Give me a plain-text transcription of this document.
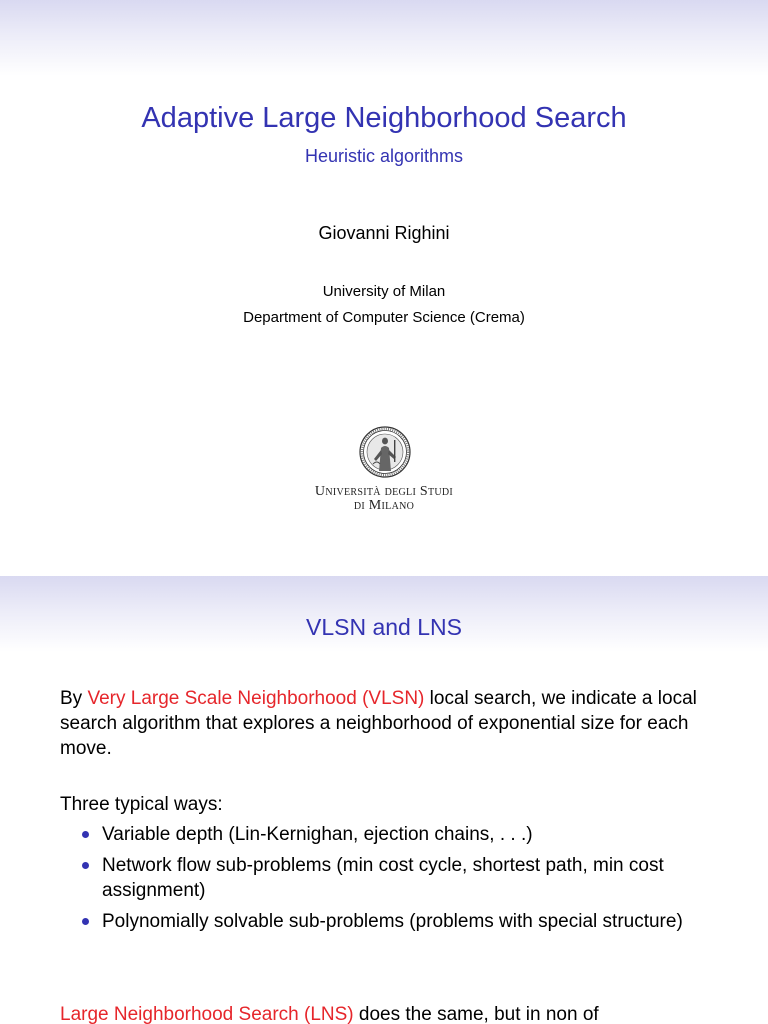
Adaptive Large Neighborhood Search
Heuristic algorithms
Giovanni Righini
University of Milan
Department of Computer Science (Crema)
Università degli Studi
di Milano
VLSN and LNS
By Very Large Scale Neighborhood (VLSN) local search, we indicate a local search algorithm that explores a neighborhood of exponential size for each move.
Three typical ways:
Variable depth (Lin-Kernighan, ejection chains, . . .)
Network flow sub-problems (min cost cycle, shortest path, min cost assignment)
Polynomially solvable sub-problems (problems with special structure)
Large Neighborhood Search (LNS) does the same, but in non of
